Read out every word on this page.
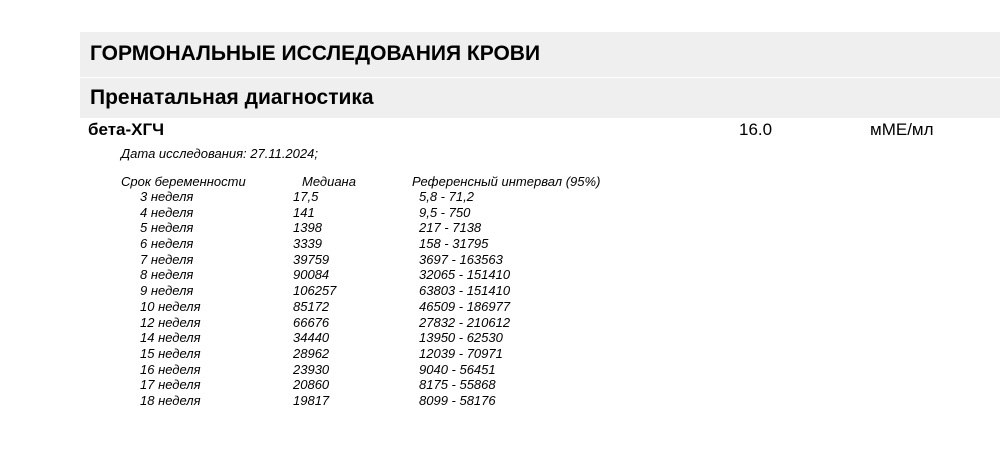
ГОРМОНАЛЬНЫЕ ИССЛЕДОВАНИЯ КРОВИ
Пренатальная диагностика
бета-ХГЧ	16.0	мМЕ/мл
Дата исследования: 27.11.2024;
Срок беременности	Медиана	Референсный интервал (95%)
3 неделя	17,5	5,8 - 71,2
4 неделя	141	9,5 - 750
5 неделя	1398	217 - 7138
6 неделя	3339	158 - 31795
7 неделя	39759	3697 - 163563
8 неделя	90084	32065 - 151410
9 неделя	106257	63803 - 151410
10 неделя	85172	46509 - 186977
12 неделя	66676	27832 - 210612
14 неделя	34440	13950 - 62530
15 неделя	28962	12039 - 70971
16 неделя	23930	9040 - 56451
17 неделя	20860	8175 - 55868
18 неделя	19817	8099 - 58176
